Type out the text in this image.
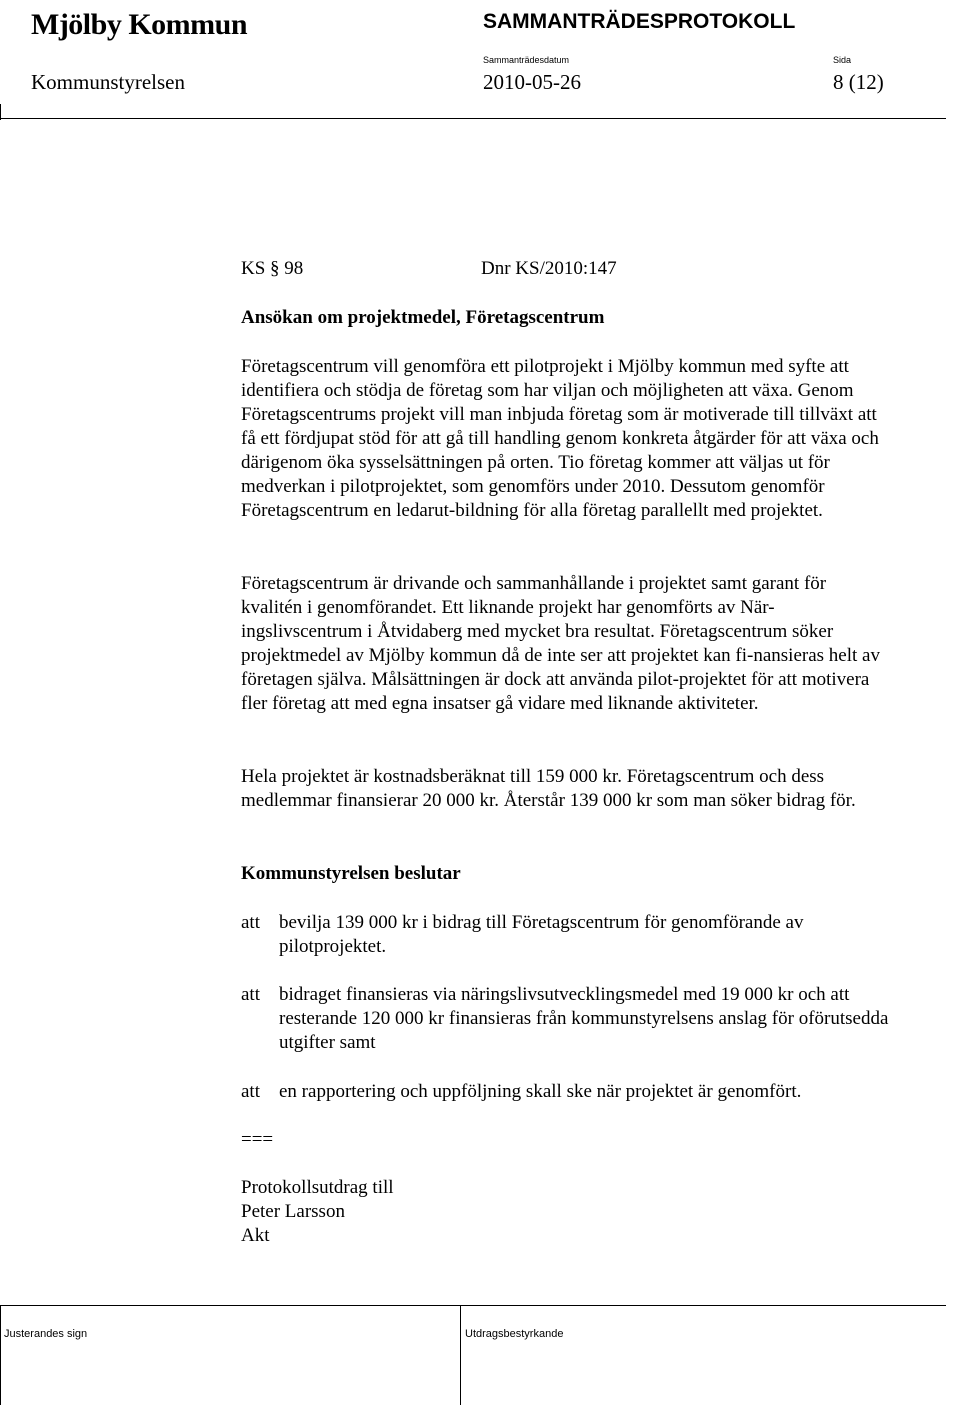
Mjölby Kommun	SAMMANTRÄDESPROTOKOLL
Sammanträdesdatum	Sida
Kommunstyrelsen	2010-05-26	8 (12)
KS § 98	Dnr KS/2010:147
Ansökan om projektmedel, Företagscentrum
Företagscentrum vill genomföra ett pilotprojekt i Mjölby kommun med syfte att identifiera och stödja de företag som har viljan och möjligheten att växa. Genom Företagscentrums projekt vill man inbjuda företag som är motiverade till tillväxt att få ett fördjupat stöd för att gå till handling genom konkreta åtgärder för att växa och därigenom öka sysselsättningen på orten. Tio företag kommer att väljas ut för medverkan i pilotprojektet, som genomförs under 2010. Dessutom genomför Företagscentrum en ledarut-bildning för alla företag parallellt med projektet.
Företagscentrum är drivande och sammanhållande i projektet samt garant för kvalitén i genomförandet. Ett liknande projekt har genomförts av När-ingslivscentrum i Åtvidaberg med mycket bra resultat. Företagscentrum söker projektmedel av Mjölby kommun då de inte ser att projektet kan fi-nansieras helt av företagen själva. Målsättningen är dock att använda pilot-projektet för att motivera fler företag att med egna insatser gå vidare med liknande aktiviteter.
Hela projektet är kostnadsberäknat till 159 000 kr. Företagscentrum och dess medlemmar finansierar 20 000 kr. Återstår 139 000 kr som man söker bidrag för.
Kommunstyrelsen beslutar
att bevilja 139 000 kr i bidrag till Företagscentrum för genomförande av pilotprojektet.
att bidraget finansieras via näringslivsutvecklingsmedel med 19 000 kr och att resterande 120 000 kr finansieras från kommunstyrelsens anslag för oförutsedda utgifter samt
att en rapportering och uppföljning skall ske när projektet är genomfört.
===
Protokollsutdrag till
Peter Larsson
Akt
Justerandes sign	Utdragsbestyrkande
